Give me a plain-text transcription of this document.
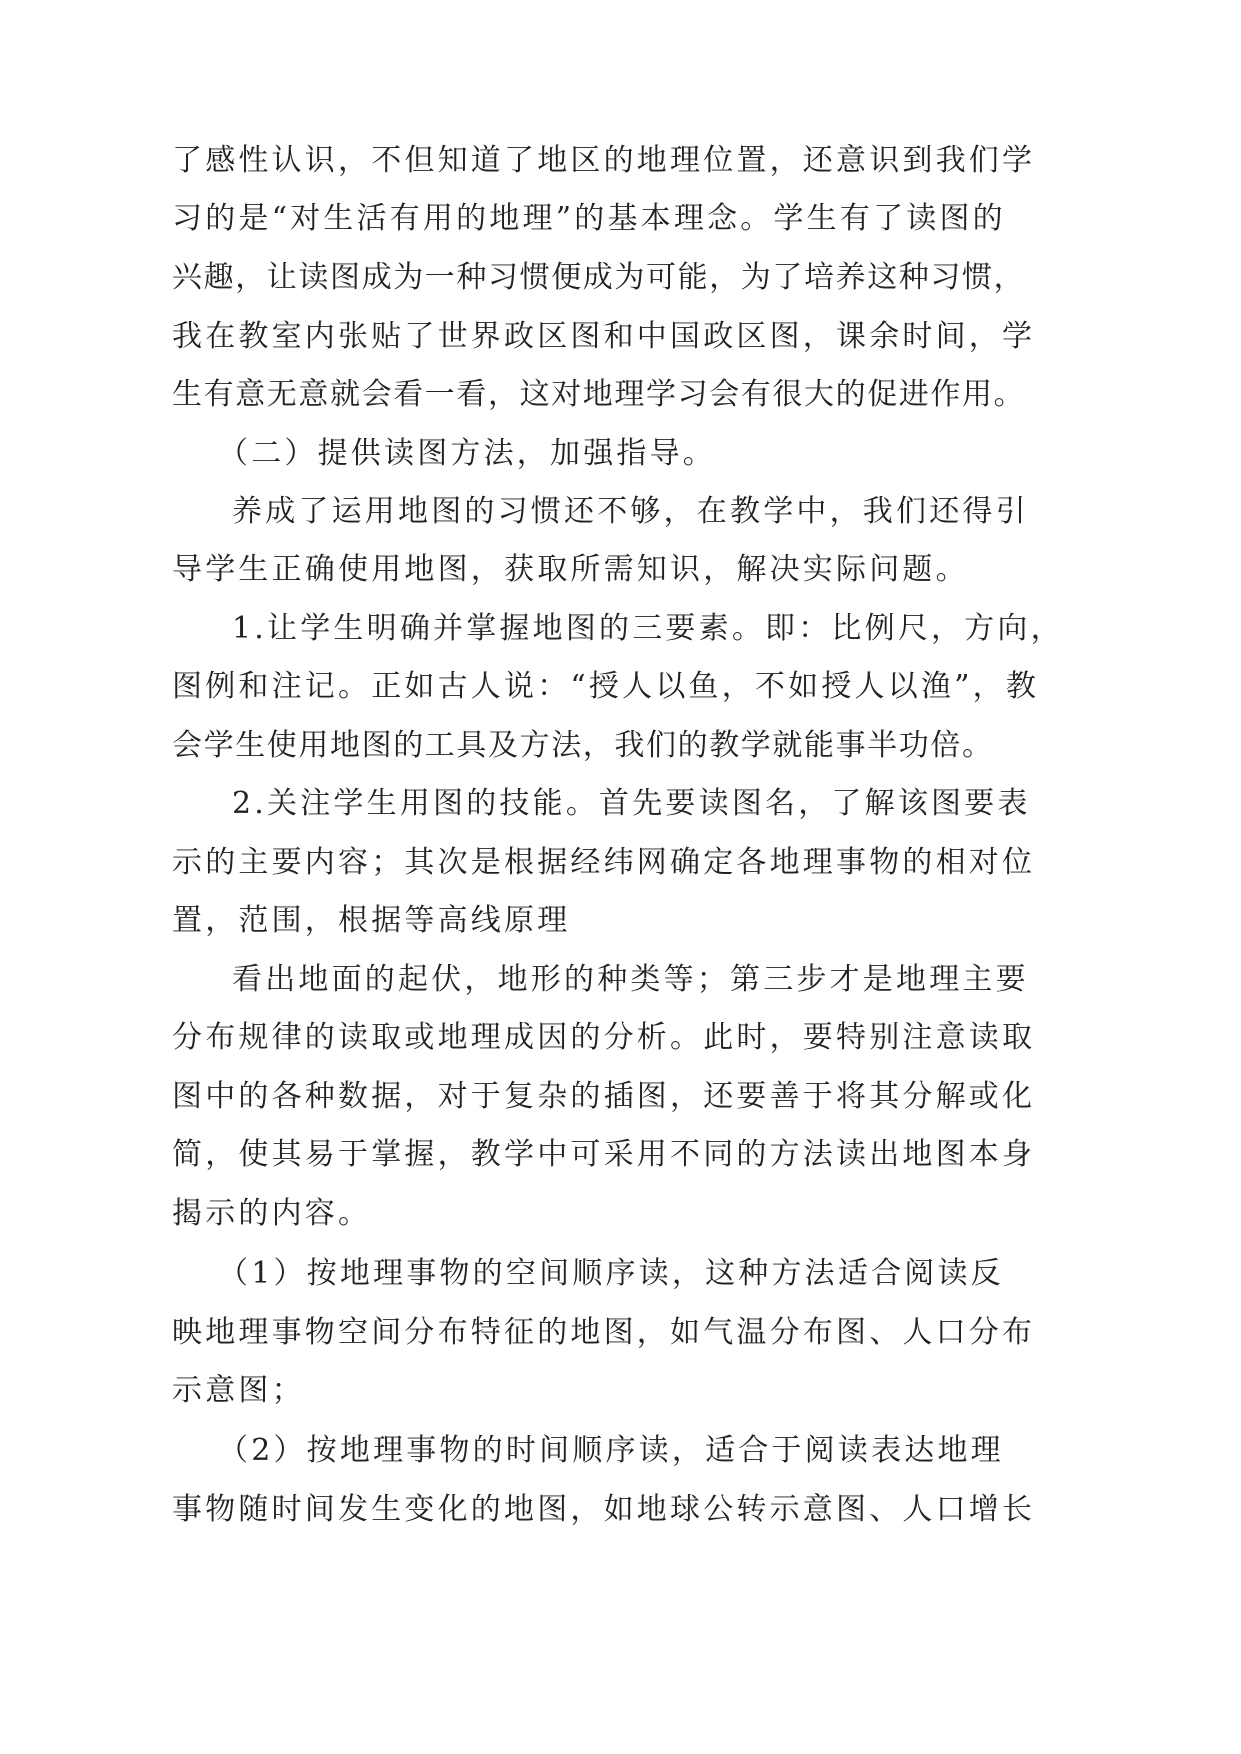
了感性认识，不但知道了地区的地理位置，还意识到我们学

习的是“对生活有用的地理”的基本理念。学生有了读图的

兴趣，让读图成为一种习惯便成为可能，为了培养这种习惯，

我在教室内张贴了世界政区图和中国政区图，课余时间，学

生有意无意就会看一看，这对地理学习会有很大的促进作用。

（二）提供读图方法，加强指导。

养成了运用地图的习惯还不够，在教学中，我们还得引

导学生正确使用地图，获取所需知识，解决实际问题。

1.让学生明确并掌握地图的三要素。即：比例尺，方向，

图例和注记。正如古人说：“授人以鱼，不如授人以渔”，教

会学生使用地图的工具及方法，我们的教学就能事半功倍。

2.关注学生用图的技能。首先要读图名，了解该图要表

示的主要内容；其次是根据经纬网确定各地理事物的相对位

置，范围，根据等高线原理

看出地面的起伏，地形的种类等；第三步才是地理主要

分布规律的读取或地理成因的分析。此时，要特别注意读取

图中的各种数据，对于复杂的插图，还要善于将其分解或化

简，使其易于掌握，教学中可采用不同的方法读出地图本身

揭示的内容。

（1）按地理事物的空间顺序读，这种方法适合阅读反

映地理事物空间分布特征的地图，如气温分布图、人口分布

示意图；

（2）按地理事物的时间顺序读，适合于阅读表达地理

事物随时间发生变化的地图，如地球公转示意图、人口增长
